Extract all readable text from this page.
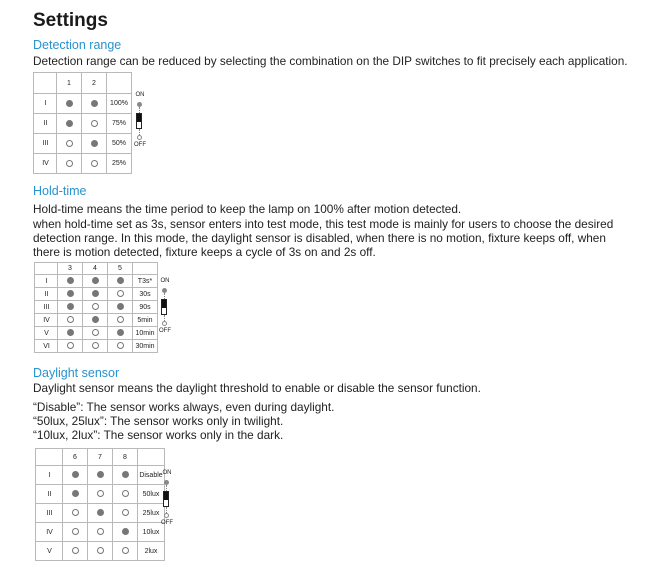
Settings
Detection range
Detection range can be reduced by selecting the combination on the DIP switches to fit precisely each application.
	1	2	
I			100%
II			75%
III			50%
IV			25%
ON
OFF
Hold-time
Hold-time means the time period to keep the lamp on 100% after motion detected.
when hold-time set as 3s, sensor enters into test mode, this test mode is mainly for users to choose the desired
detection range. In this mode, the daylight sensor is disabled, when there is no motion, fixture keeps off, when
there is motion detected, fixture keeps a cycle of 3s on and 2s off.
	3	4	5	
I				T3s*
II				30s
III				90s
IV				5min
V				10min
VI				30min
ON
OFF
Daylight sensor
Daylight sensor means the daylight threshold to enable or disable the sensor function.
“Disable”: The sensor works always, even during daylight.
“50lux, 25lux”: The sensor works only in twilight.
“10lux, 2lux”: The sensor works only in the dark.
	6	7	8	
I				Disable
II				50lux
III				25lux
IV				10lux
V				2lux
ON
OFF
